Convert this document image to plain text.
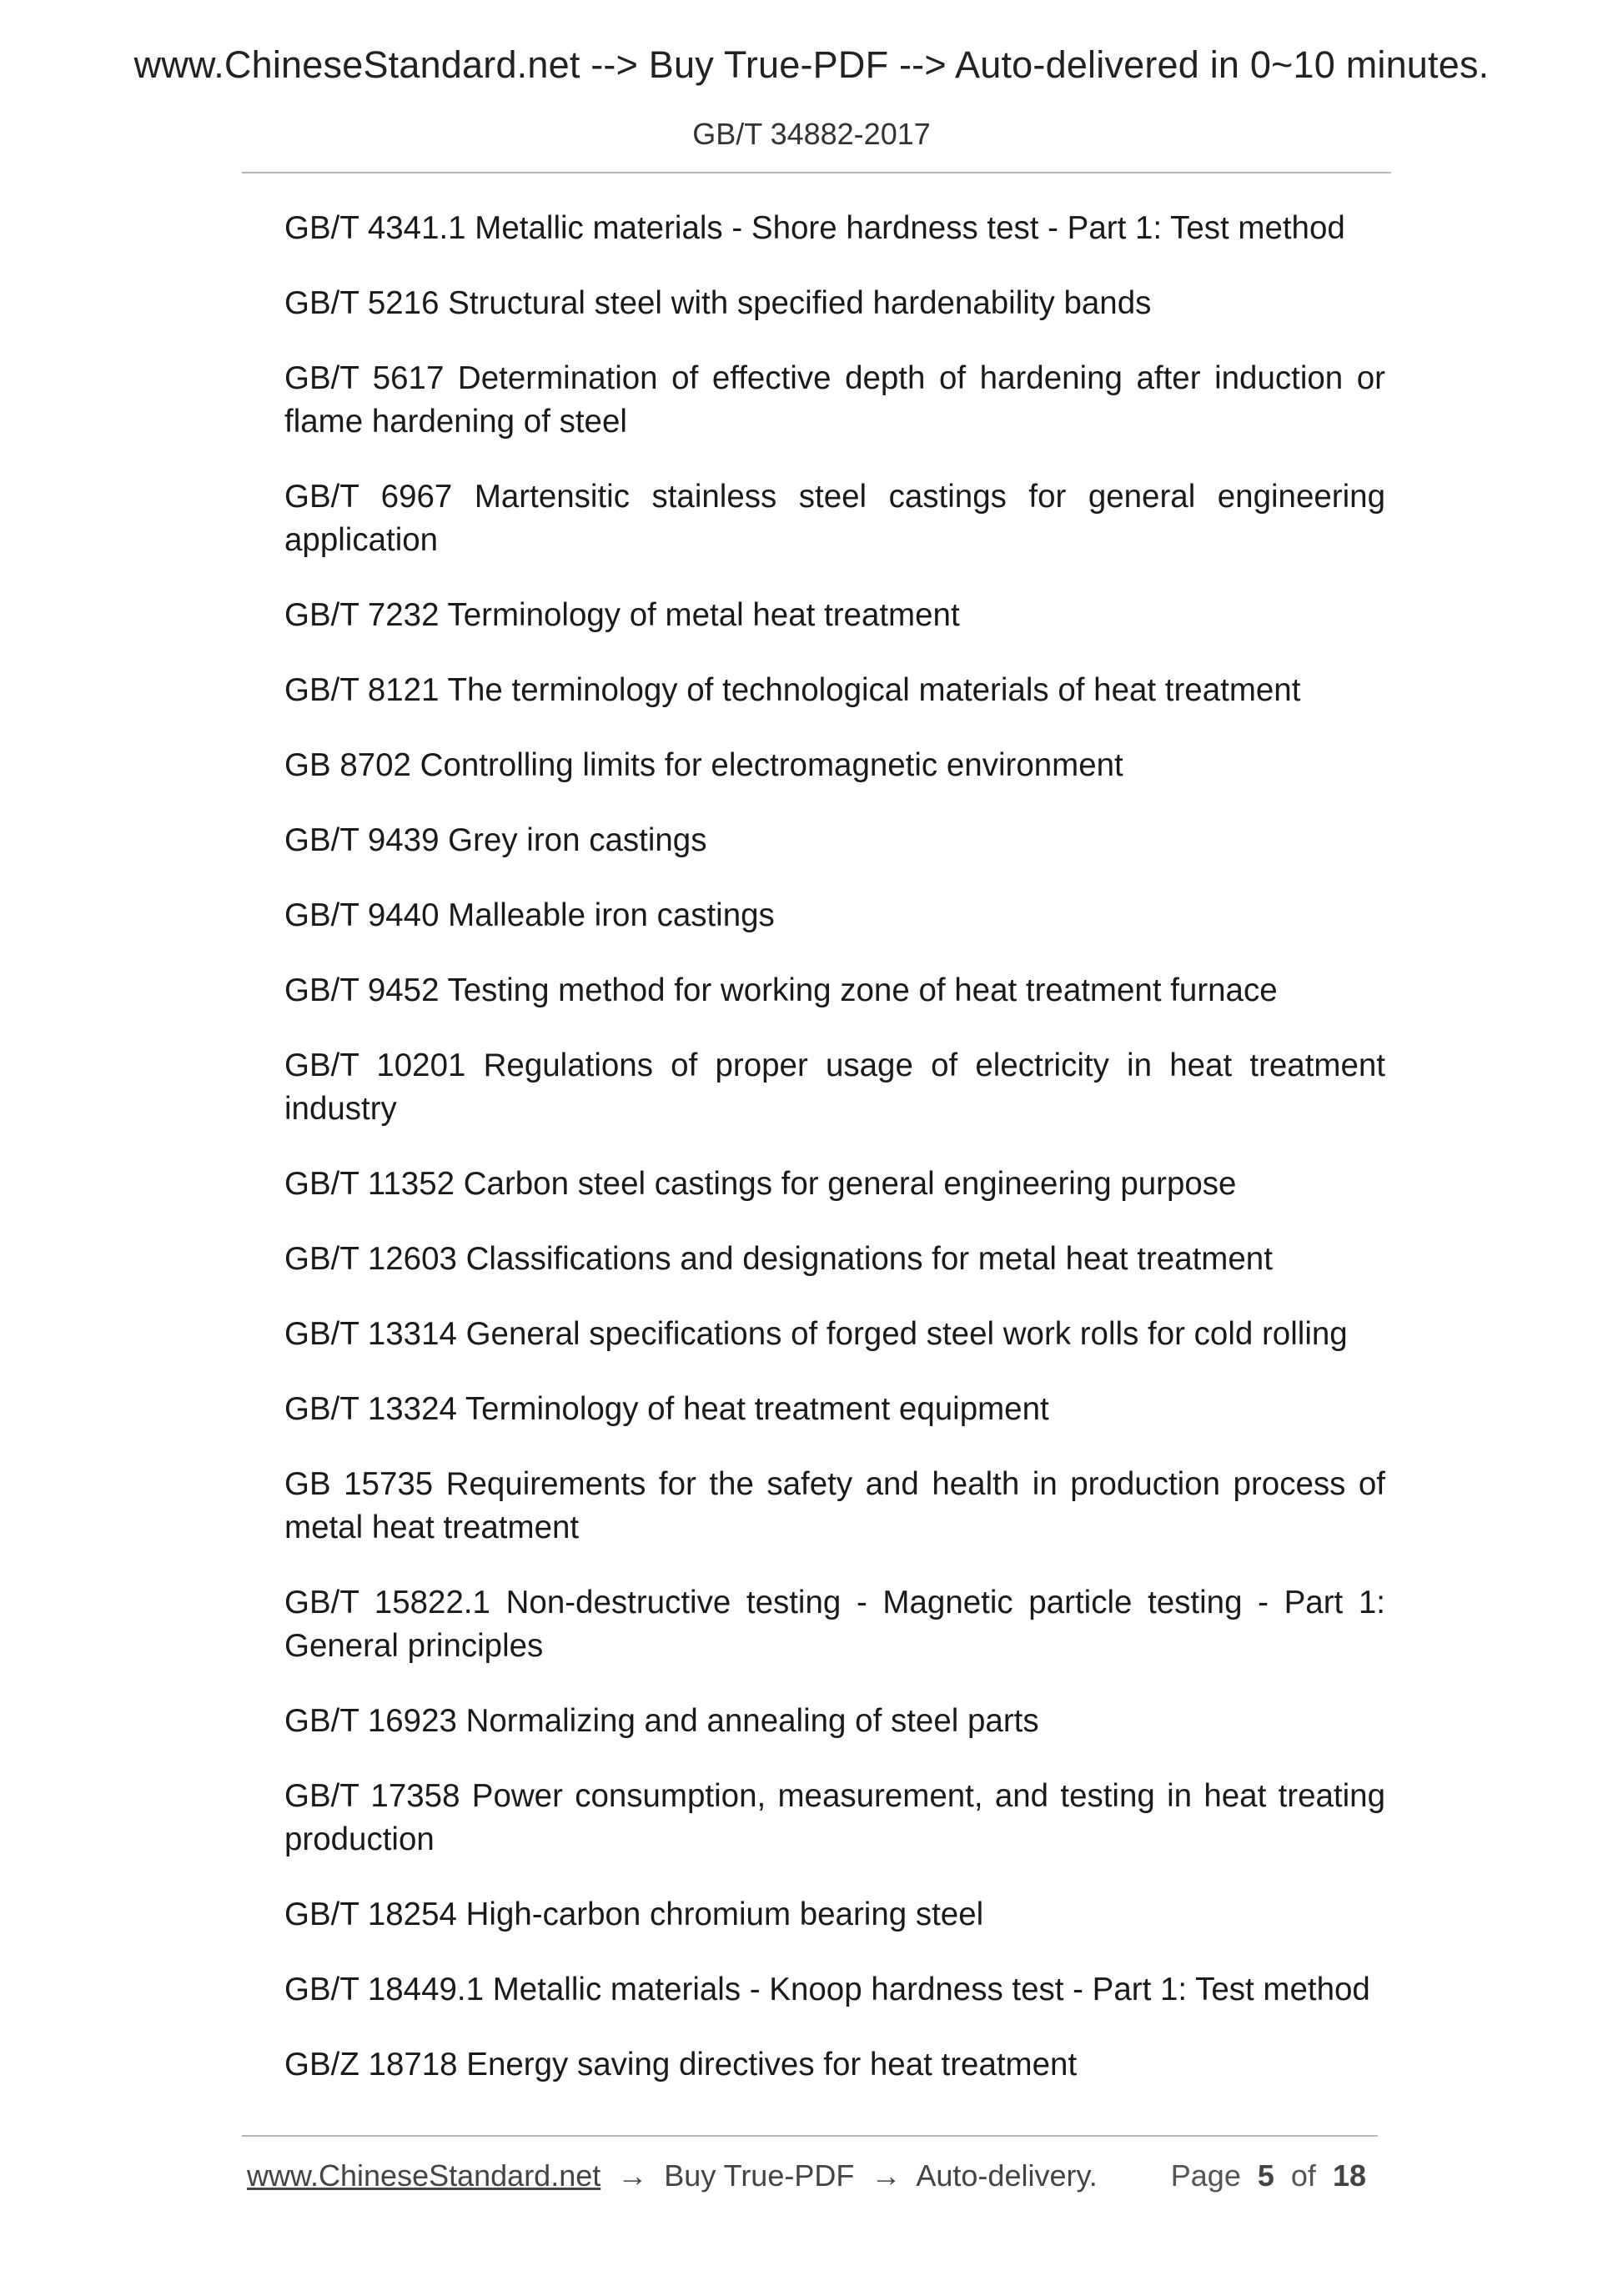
www.ChineseStandard.net --> Buy True-PDF --> Auto-delivered in 0~10 minutes.
GB/T 34882-2017
GB/T 4341.1 Metallic materials - Shore hardness test - Part 1: Test method
GB/T 5216 Structural steel with specified hardenability bands
GB/T 5617 Determination of effective depth of hardening after induction or flame hardening of steel
GB/T 6967 Martensitic stainless steel castings for general engineering application
GB/T 7232 Terminology of metal heat treatment
GB/T 8121 The terminology of technological materials of heat treatment
GB 8702 Controlling limits for electromagnetic environment
GB/T 9439 Grey iron castings
GB/T 9440 Malleable iron castings
GB/T 9452 Testing method for working zone of heat treatment furnace
GB/T 10201 Regulations of proper usage of electricity in heat treatment industry
GB/T 11352 Carbon steel castings for general engineering purpose
GB/T 12603 Classifications and designations for metal heat treatment
GB/T 13314 General specifications of forged steel work rolls for cold rolling
GB/T 13324 Terminology of heat treatment equipment
GB 15735 Requirements for the safety and health in production process of metal heat treatment
GB/T 15822.1 Non-destructive testing - Magnetic particle testing - Part 1: General principles
GB/T 16923 Normalizing and annealing of steel parts
GB/T 17358 Power consumption, measurement, and testing in heat treating production
GB/T 18254 High-carbon chromium bearing steel
GB/T 18449.1 Metallic materials - Knoop hardness test - Part 1: Test method
GB/Z 18718 Energy saving directives for heat treatment
www.ChineseStandard.net → Buy True-PDF → Auto-delivery. Page 5 of 18
